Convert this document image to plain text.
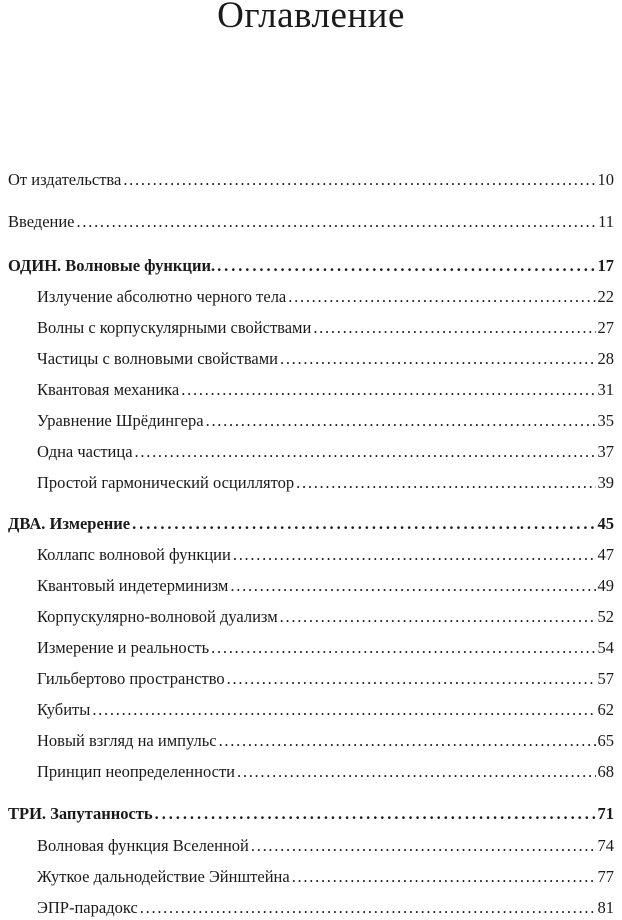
Оглавление
От издательства . . .	10
Введение . . .	11
ОДИН. Волновые функции. . . .	17
Излучение абсолютно черного тела . . .	22
Волны с корпускулярными свойствами . . .	27
Частицы с волновыми свойствами . . .	28
Квантовая механика . . .	31
Уравнение Шрёдингера . . .	35
Одна частица . . .	37
Простой гармонический осциллятор . . .	39
ДВА. Измерение . . .	45
Коллапс волновой функции . . .	47
Квантовый индетерминизм . . .	49
Корпускулярно-волновой дуализм . . .	52
Измерение и реальность . . .	54
Гильбертово пространство . . .	57
Кубиты . . .	62
Новый взгляд на импульс . . .	65
Принцип неопределенности . . .	68
ТРИ. Запутанность . . .	71
Волновая функция Вселенной . . .	74
Жуткое дальнодействие Эйнштейна . . .	77
ЭПР-парадокс . . .	81
